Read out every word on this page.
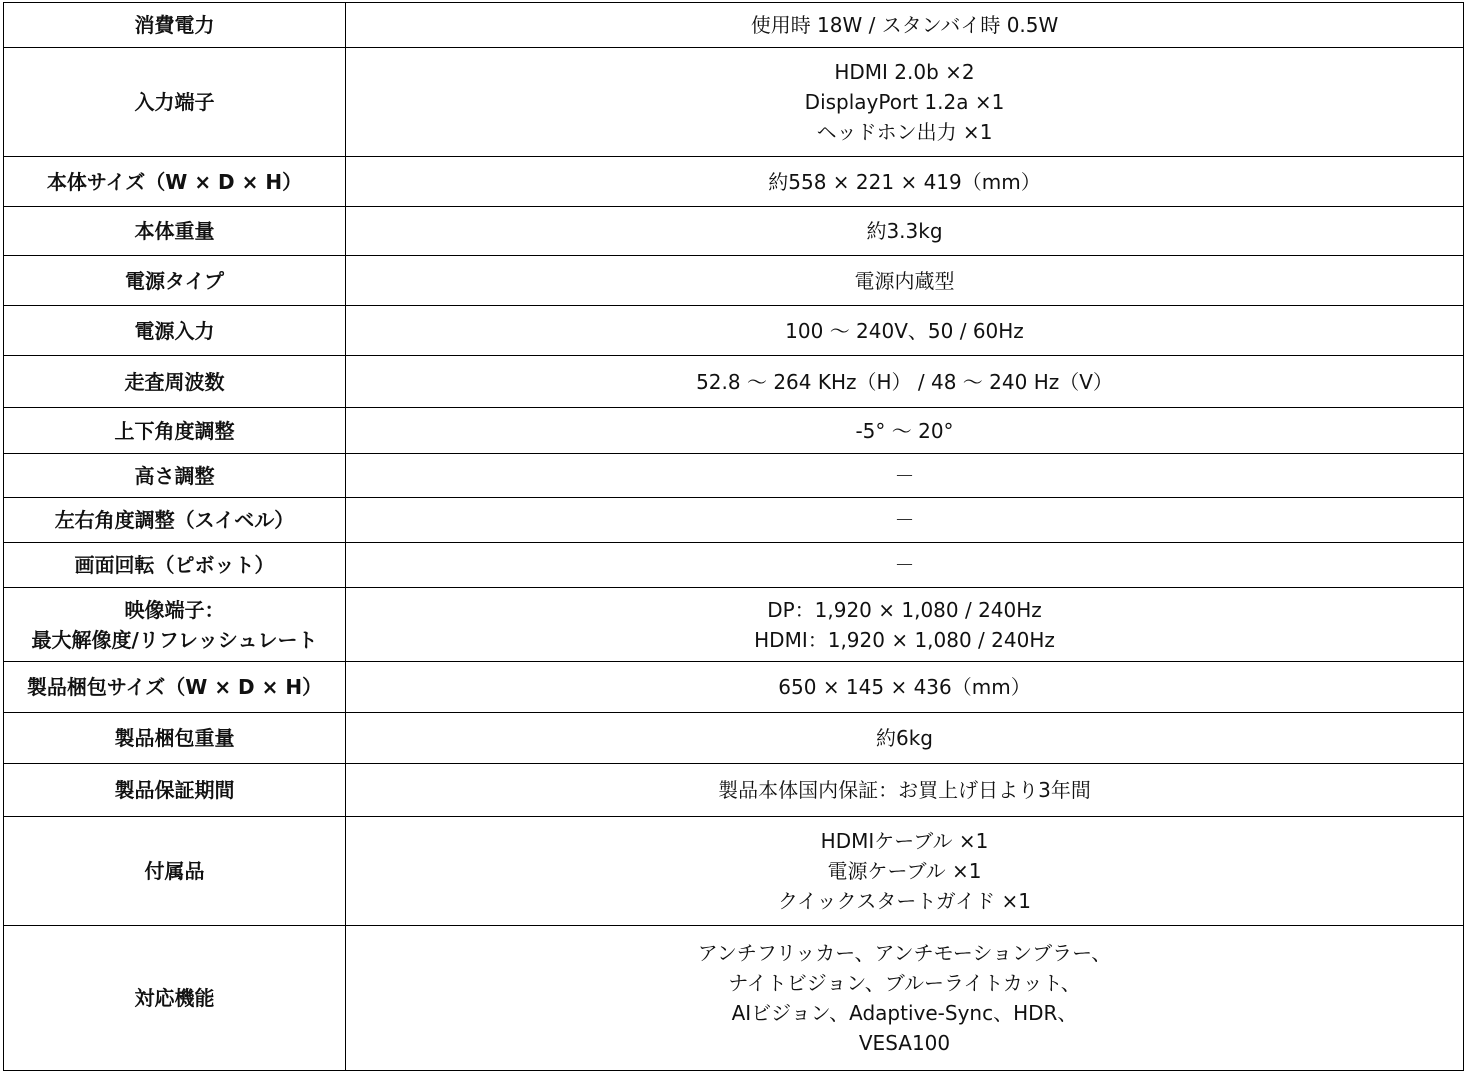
消費電力	使用時 18W / スタンバイ時 0.5W

入力端子	HDMI 2.0b ×2
DisplayPort 1.2a ×1
ヘッドホン出力 ×1

本体サイズ（W × D × H）	約558 × 221 × 419（mm）

本体重量	約3.3kg

電源タイプ	電源内蔵型

電源入力	100 ～ 240V、50 / 60Hz

走査周波数	52.8 ～ 264 KHz（H） / 48 ～ 240 Hz（V）

上下角度調整	-5° ～ 20°

高さ調整	－

左右角度調整（スイベル）	－

画面回転（ピボット）	－

映像端子：
最大解像度/リフレッシュレート	DP：1,920 × 1,080 / 240Hz
HDMI：1,920 × 1,080 / 240Hz

製品梱包サイズ（W × D × H）	650 × 145 × 436（mm）

製品梱包重量	約6kg

製品保証期間	製品本体国内保証：お買上げ日より3年間

付属品	HDMIケーブル ×1
電源ケーブル ×1
クイックスタートガイド ×1

対応機能	アンチフリッカー、アンチモーションブラー、
ナイトビジョン、ブルーライトカット、
AIビジョン、Adaptive-Sync、HDR、
VESA100
